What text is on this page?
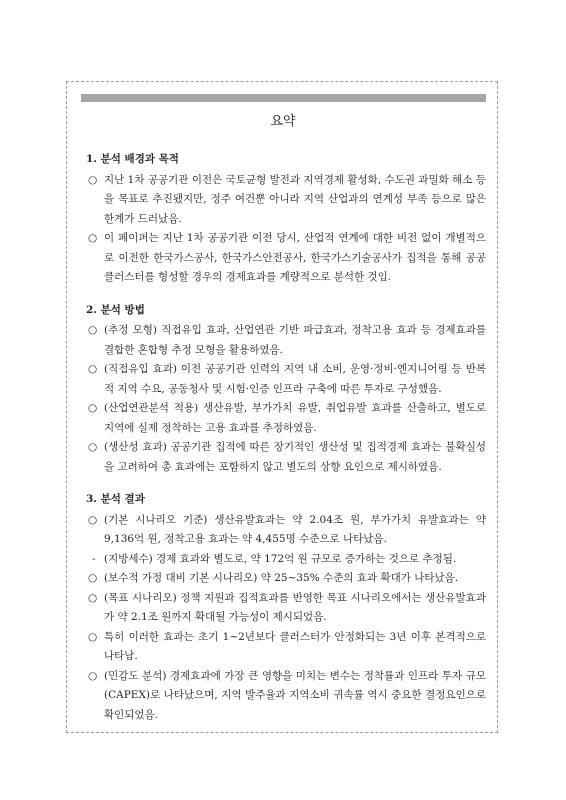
요약
1. 분석 배경과 목적
○ 지난 1차 공공기관 이전은 국토균형 발전과 지역경제 활성화, 수도권 과밀화 해소 등을 목표로 추진됐지만, 정주 여건뿐 아니라 지역 산업과의 연계성 부족 등으로 많은 한계가 드러났음.
○ 이 페이퍼는 지난 1차 공공기관 이전 당시, 산업적 연계에 대한 비전 없이 개별적으로 이전한 한국가스공사, 한국가스안전공사, 한국가스기술공사가 집적을 통해 공공클러스터를 형성할 경우의 경제효과를 계량적으로 분석한 것임.
2. 분석 방법
○ (추정 모형) 직접유입 효과, 산업연관 기반 파급효과, 정착고용 효과 등 경제효과를 결합한 혼합형 추정 모형을 활용하였음.
○ (직접유입 효과) 이전 공공기관 인력의 지역 내 소비, 운영·정비·엔지니어링 등 반복적 지역 수요, 공동청사 및 시험·인증 인프라 구축에 따른 투자로 구성했음.
○ (산업연관분석 적용) 생산유발, 부가가치 유발, 취업유발 효과를 산출하고, 별도로 지역에 실제 정착하는 고용 효과를 추정하였음.
○ (생산성 효과) 공공기관 집적에 따른 장기적인 생산성 및 집적경제 효과는 불확실성을 고려하여 총 효과에는 포함하지 않고 별도의 상향 요인으로 제시하였음.
3. 분석 결과
○ (기본 시나리오 기준) 생산유발효과는 약 2.04조 원, 부가가치 유발효과는 약 9,136억 원, 정착고용 효과는 약 4,455명 수준으로 나타났음.
- (지방세수) 경제 효과와 별도로, 약 172억 원 규모로 증가하는 것으로 추정됨.
○ (보수적 가정 대비 기본 시나리오) 약 25~35% 수준의 효과 확대가 나타났음.
○ (목표 시나리오) 정책 지원과 집적효과를 반영한 목표 시나리오에서는 생산유발효과가 약 2.1조 원까지 확대될 가능성이 제시되었음.
○ 특히 이러한 효과는 초기 1~2년보다 클러스터가 안정화되는 3년 이후 본격적으로 나타남.
○ (민감도 분석) 경제효과에 가장 큰 영향을 미치는 변수는 정착률과 인프라 투자 규모(CAPEX)로 나타났으며, 지역 발주율과 지역소비 귀속률 역시 중요한 결정요인으로 확인되었음.
